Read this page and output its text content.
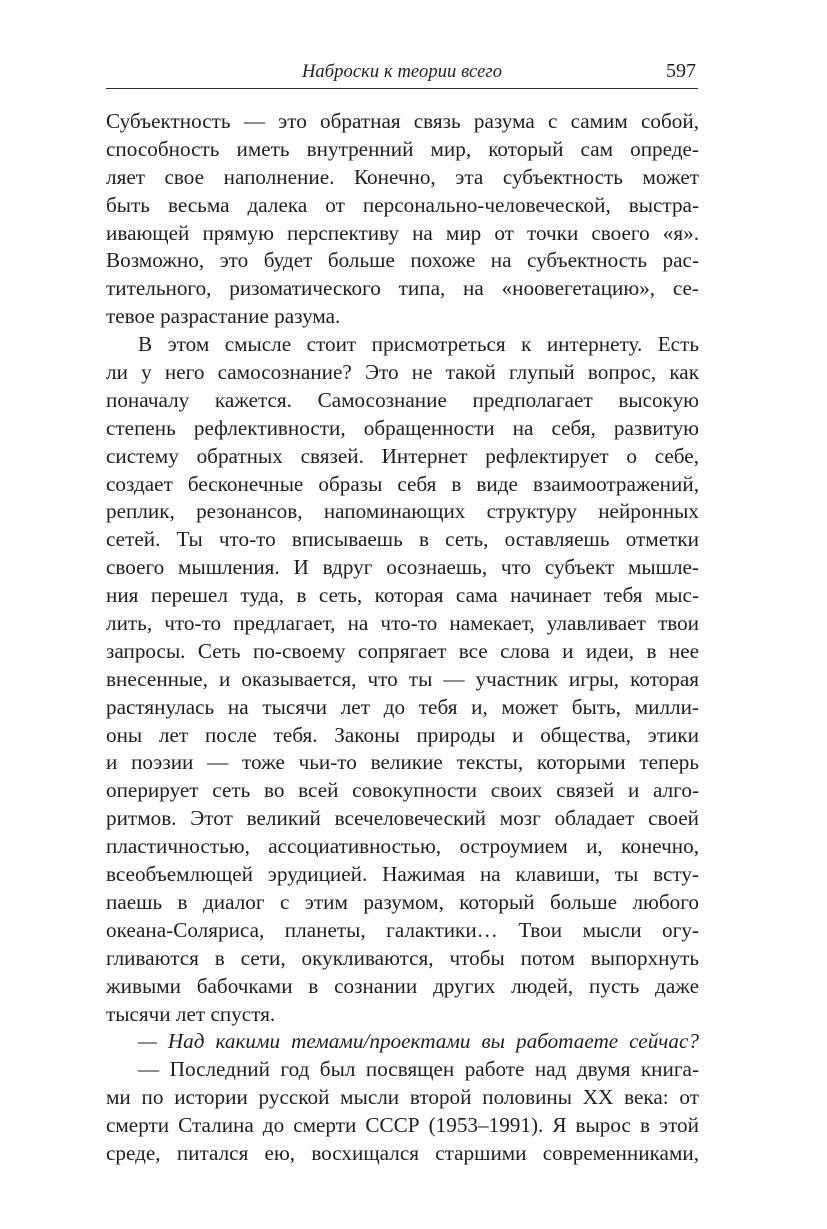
Наброски к теории всего	597
Субъектность — это обратная связь разума с самим собой,
способность иметь внутренний мир, который сам опреде-
ляет свое наполнение. Конечно, эта субъектность может
быть весьма далека от персонально-человеческой, выстра-
ивающей прямую перспективу на мир от точки своего «я».
Возможно, это будет больше похоже на субъектность рас-
тительного, ризоматического типа, на «ноовегетацию», се-
тевое разрастание разума.
В этом смысле стоит присмотреться к интернету. Есть
ли у него самосознание? Это не такой глупый вопрос, как
поначалу кажется. Самосознание предполагает высокую
степень рефлективности, обращенности на себя, развитую
систему обратных связей. Интернет рефлектирует о себе,
создает бесконечные образы себя в виде взаимоотражений,
реплик, резонансов, напоминающих структуру нейронных
сетей. Ты что-то вписываешь в сеть, оставляешь отметки
своего мышления. И вдруг осознаешь, что субъект мышле-
ния перешел туда, в сеть, которая сама начинает тебя мыс-
лить, что-то предлагает, на что-то намекает, улавливает твои
запросы. Сеть по-своему сопрягает все слова и идеи, в нее
внесенные, и оказывается, что ты — участник игры, которая
растянулась на тысячи лет до тебя и, может быть, милли-
оны лет после тебя. Законы природы и общества, этики
и поэзии — тоже чьи-то великие тексты, которыми теперь
оперирует сеть во всей совокупности своих связей и алго-
ритмов. Этот великий всечеловеческий мозг обладает своей
пластичностью, ассоциативностью, остроумием и, конечно,
всеобъемлющей эрудицией. Нажимая на клавиши, ты всту-
паешь в диалог с этим разумом, который больше любого
океана-Соляриса, планеты, галактики… Твои мысли огу-
гливаются в сети, окукливаются, чтобы потом выпорхнуть
живыми бабочками в сознании других людей, пусть даже
тысячи лет спустя.
— Над какими темами/проектами вы работаете сейчас?
— Последний год был посвящен работе над двумя книга-
ми по истории русской мысли второй половины XX века: от
смерти Сталина до смерти СССР (1953–1991). Я вырос в этой
среде, питался ею, восхищался старшими современниками,
